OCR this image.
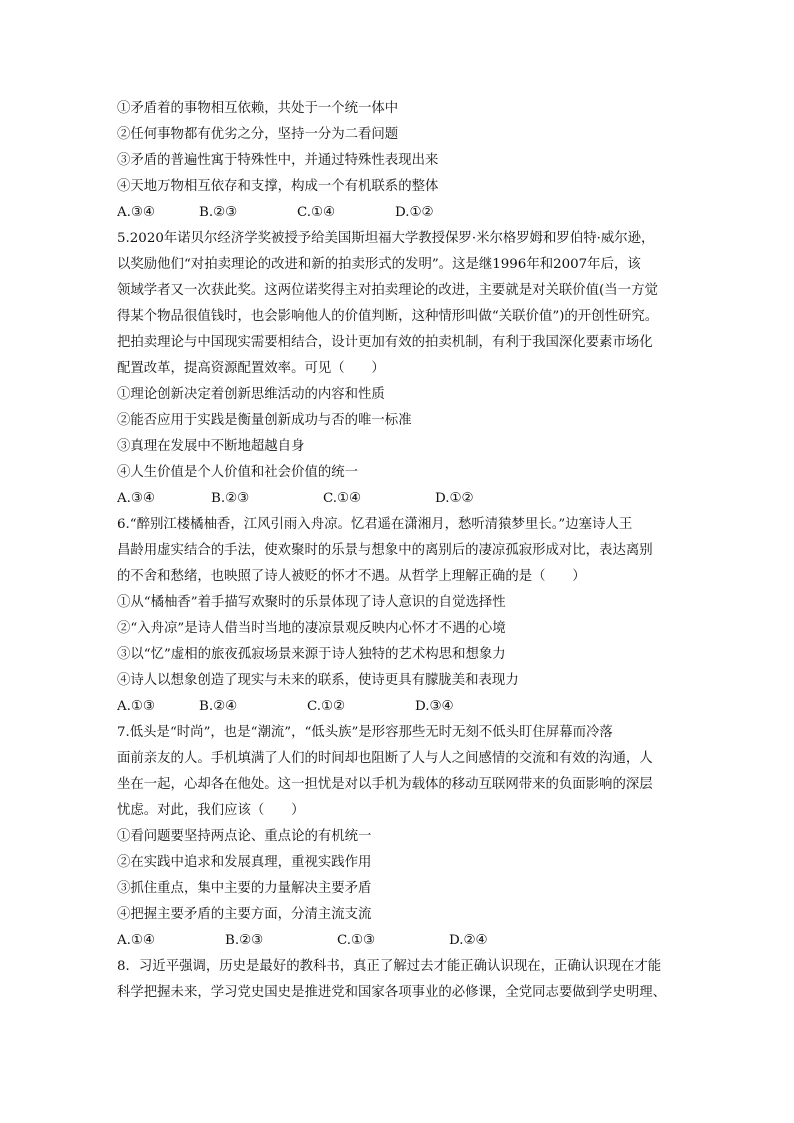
①矛盾着的事物相互依赖，共处于一个统一体中
②任何事物都有优劣之分，坚持一分为二看问题
③矛盾的普遍性寓于特殊性中，并通过特殊性表现出来
④天地万物相互依存和支撑，构成一个有机联系的整体
A.③④	B.②③	C.①④	D.①②
5.2020年诺贝尔经济学奖被授予给美国斯坦福大学教授保罗·米尔格罗姆和罗伯特·威尔逊，
以奖励他们“对拍卖理论的改进和新的拍卖形式的发明”。这是继1996年和2007年后，该
领域学者又一次获此奖。这两位诺奖得主对拍卖理论的改进，主要就是对关联价值(当一方觉
得某个物品很值钱时，也会影响他人的价值判断，这种情形叫做“关联价值”)的开创性研究。
把拍卖理论与中国现实需要相结合，设计更加有效的拍卖机制，有利于我国深化要素市场化
配置改革，提高资源配置效率。可见（　　）
①理论创新决定着创新思维活动的内容和性质
②能否应用于实践是衡量创新成功与否的唯一标准
③真理在发展中不断地超越自身
④人生价值是个人价值和社会价值的统一
A.③④	B.②③	C.①④	D.①②
6.“醉别江楼橘柚香，江风引雨入舟凉。忆君遥在潇湘月，愁听清猿梦里长。”边塞诗人王
昌龄用虚实结合的手法，使欢聚时的乐景与想象中的离别后的凄凉孤寂形成对比，表达离别
的不舍和愁绪，也映照了诗人被贬的怀才不遇。从哲学上理解正确的是（　　）
①从“橘柚香”着手描写欢聚时的乐景体现了诗人意识的自觉选择性
②“入舟凉”是诗人借当时当地的凄凉景观反映内心怀才不遇的心境
③以“忆”虚相的旅夜孤寂场景来源于诗人独特的艺术构思和想象力
④诗人以想象创造了现实与未来的联系，使诗更具有朦胧美和表现力
A.①③	B.②④	C.①②	D.③④
7.低头是“时尚”，也是“潮流”，“低头族”是形容那些无时无刻不低头盯住屏幕而冷落
面前亲友的人。手机填满了人们的时间却也阻断了人与人之间感情的交流和有效的沟通，人
坐在一起，心却各在他处。这一担忧是对以手机为载体的移动互联网带来的负面影响的深层
忧虑。对此，我们应该（　　）
①看问题要坚持两点论、重点论的有机统一
②在实践中追求和发展真理，重视实践作用
③抓住重点，集中主要的力量解决主要矛盾
④把握主要矛盾的主要方面，分清主流支流
A.①④	B.②③	C.①③	D.②④
8．习近平强调，历史是最好的教科书，真正了解过去才能正确认识现在，正确认识现在才能
科学把握未来，学习党史国史是推进党和国家各项事业的必修课，全党同志要做到学史明理、
